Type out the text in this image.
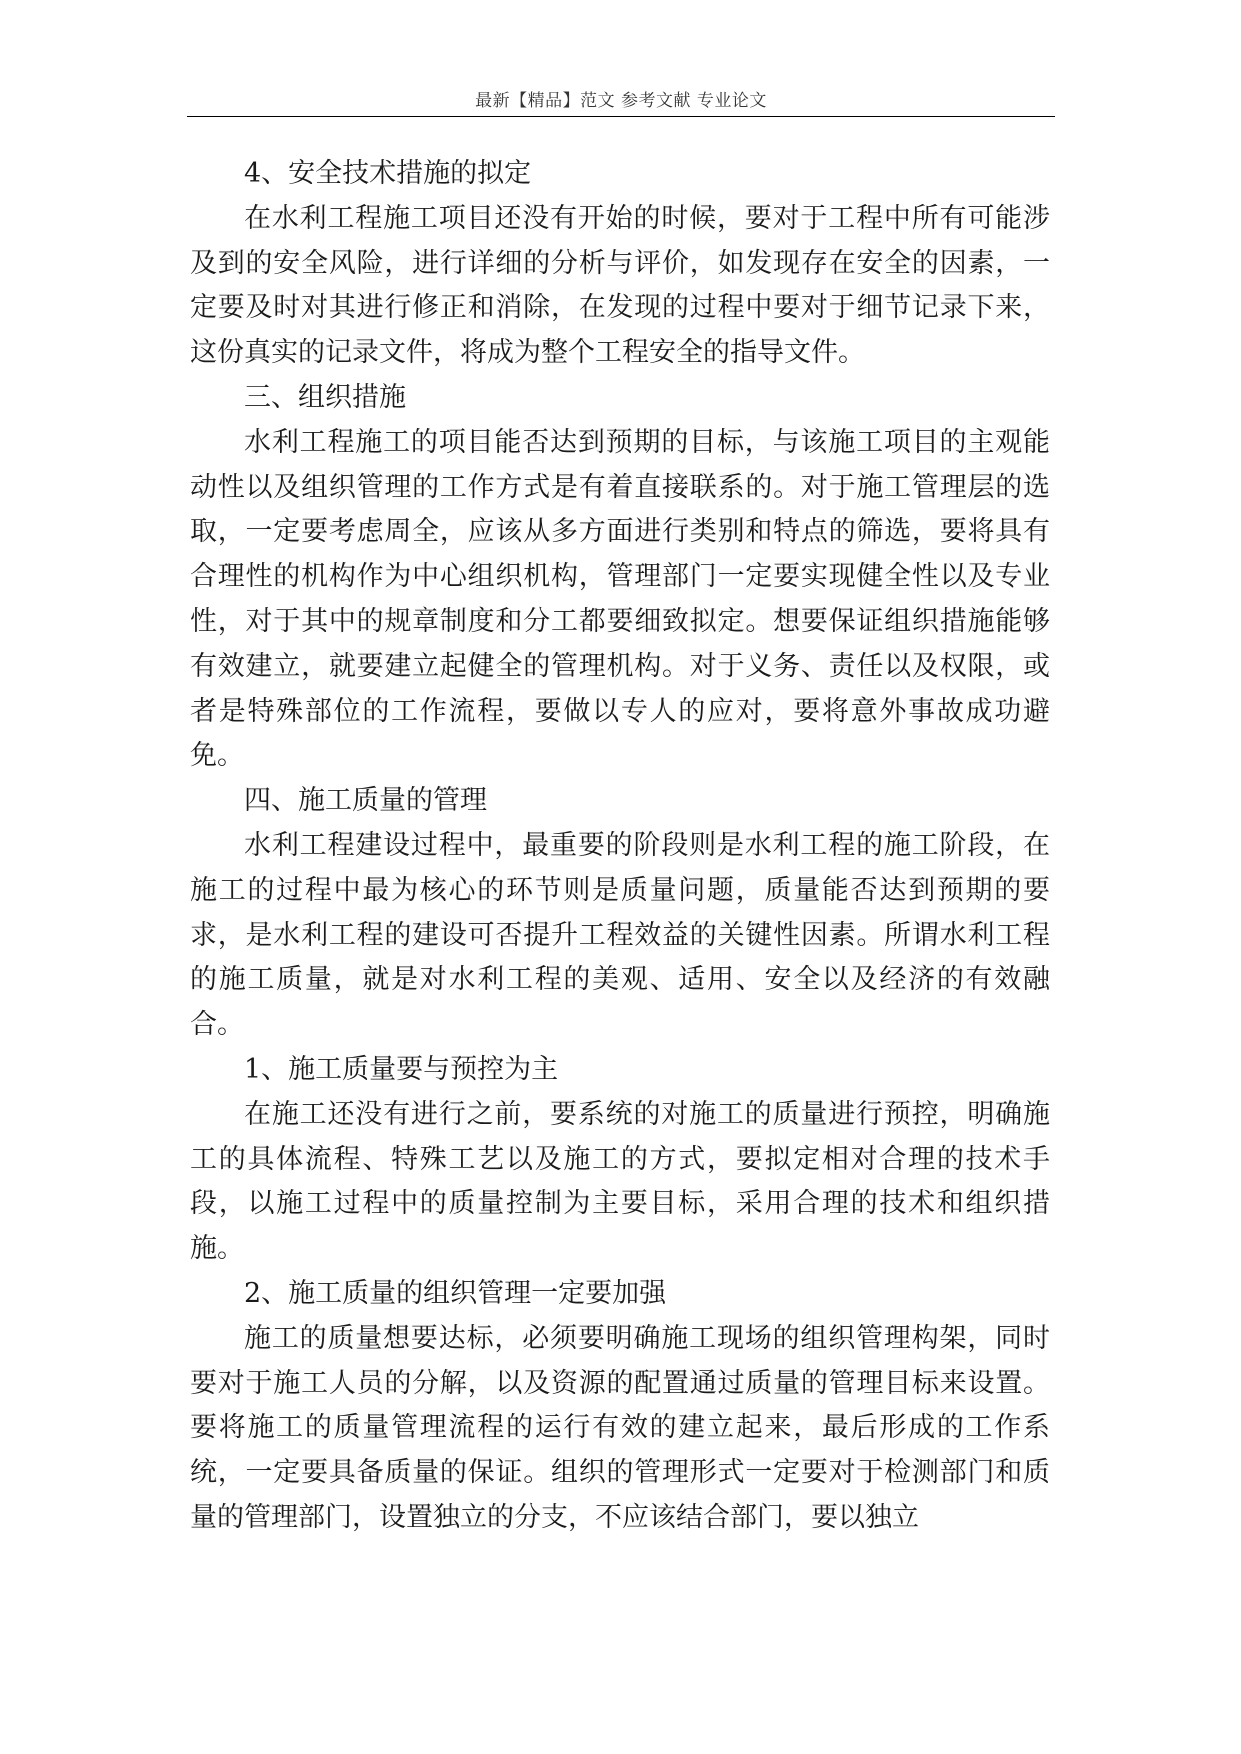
最新【精品】范文 参考文献 专业论文

4、安全技术措施的拟定

在水利工程施工项目还没有开始的时候，要对于工程中所有可能涉及到的安全风险，进行详细的分析与评价，如发现存在安全的因素，一定要及时对其进行修正和消除，在发现的过程中要对于细节记录下来，这份真实的记录文件，将成为整个工程安全的指导文件。

三、组织措施

水利工程施工的项目能否达到预期的目标，与该施工项目的主观能动性以及组织管理的工作方式是有着直接联系的。对于施工管理层的选取，一定要考虑周全，应该从多方面进行类别和特点的筛选，要将具有合理性的机构作为中心组织机构，管理部门一定要实现健全性以及专业性，对于其中的规章制度和分工都要细致拟定。想要保证组织措施能够有效建立，就要建立起健全的管理机构。对于义务、责任以及权限，或者是特殊部位的工作流程，要做以专人的应对，要将意外事故成功避免。

四、施工质量的管理

水利工程建设过程中，最重要的阶段则是水利工程的施工阶段，在施工的过程中最为核心的环节则是质量问题，质量能否达到预期的要求，是水利工程的建设可否提升工程效益的关键性因素。所谓水利工程的施工质量，就是对水利工程的美观、适用、安全以及经济的有效融合。

1、施工质量要与预控为主

在施工还没有进行之前，要系统的对施工的质量进行预控，明确施工的具体流程、特殊工艺以及施工的方式，要拟定相对合理的技术手段，以施工过程中的质量控制为主要目标，采用合理的技术和组织措施。

2、施工质量的组织管理一定要加强

施工的质量想要达标，必须要明确施工现场的组织管理构架，同时要对于施工人员的分解，以及资源的配置通过质量的管理目标来设置。要将施工的质量管理流程的运行有效的建立起来，最后形成的工作系统，一定要具备质量的保证。组织的管理形式一定要对于检测部门和质量的管理部门，设置独立的分支，不应该结合部门，要以独立
